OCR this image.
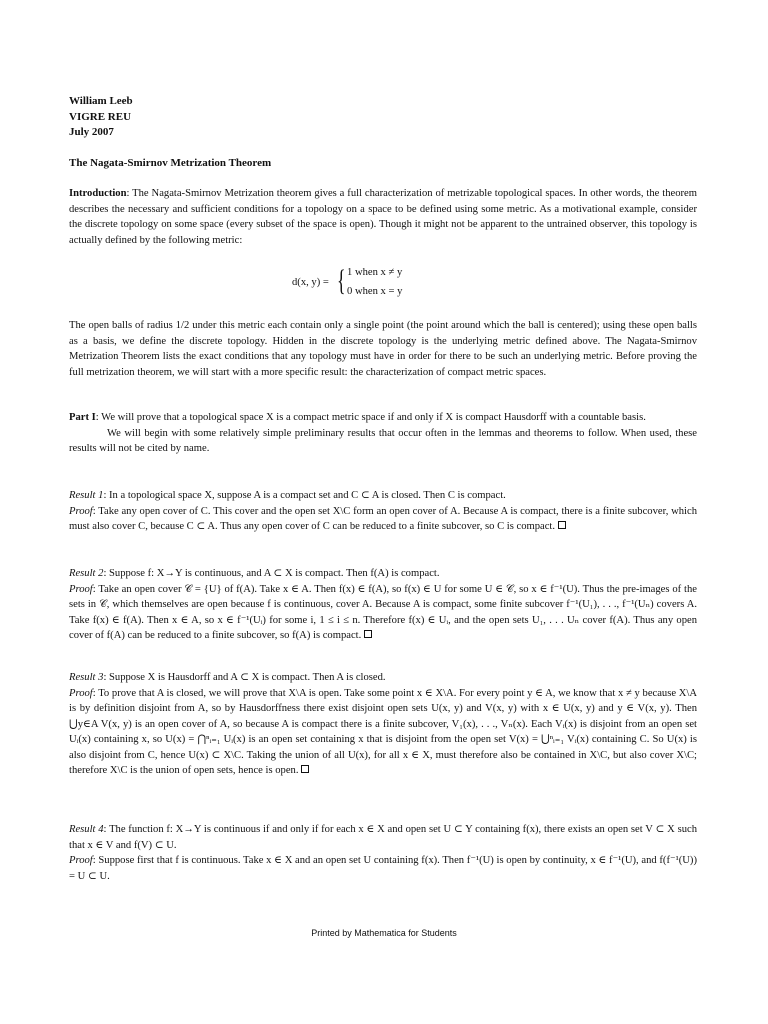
William Leeb
VIGRE REU
July 2007
The Nagata-Smirnov Metrization Theorem

Introduction: The Nagata-Smirnov Metrization theorem gives a full characterization of metrizable topological spaces. In other words, the theorem describes the necessary and sufficient conditions for a topology on a space to be defined using some metric. As a motivational example, consider the discrete topology on some space (every subset of the space is open). Though it might not be apparent to the untrained observer, this topology is actually defined by the following metric:

d(x, y) = { 1 when x ≠ y
0 when x = y

The open balls of radius 1/2 under this metric each contain only a single point (the point around which the ball is centered); using these open balls as a basis, we define the discrete topology. Hidden in the discrete topology is the underlying metric defined above. The Nagata-Smirnov Metrization Theorem lists the exact conditions that any topology must have in order for there to be such an underlying metric. Before proving the full metrization theorem, we will start with a more specific result: the characterization of compact metric spaces.

Part I: We will prove that a topological space X is a compact metric space if and only if X is compact Hausdorff with a countable basis.

We will begin with some relatively simple preliminary results that occur often in the lemmas and theorems to follow. When used, these results will not be cited by name.

Result 1: In a topological space X, suppose A is a compact set and C ⊂ A is closed. Then C is compact.

Proof: Take any open cover of C. This cover and the open set X\C form an open cover of A. Because A is compact, there is a finite subcover, which must also cover C, because C ⊂ A. Thus any open cover of C can be reduced to a finite subcover, so C is compact.

Result 2: Suppose f: X→Y is continuous, and A ⊂ X is compact. Then f(A) is compact.

Proof: Take an open cover 𝒞 = {U} of f(A). Take x ∈ A. Then f(x) ∈ f(A), so f(x) ∈ U for some U ∈ 𝒞, so x ∈ f⁻¹(U). Thus the pre-images of the sets in 𝒞, which themselves are open because f is continuous, cover A. Because A is compact, some finite subcover f⁻¹(U₁), . . ., f⁻¹(Uₙ) covers A. Take f(x) ∈ f(A). Then x ∈ A, so x ∈ f⁻¹(Uᵢ) for some i, 1 ≤ i ≤ n. Therefore f(x) ∈ Uᵢ, and the open sets U₁, . . . Uₙ cover f(A). Thus any open cover of f(A) can be reduced to a finite subcover, so f(A) is compact.

Result 3: Suppose X is Hausdorff and A ⊂ X is compact. Then A is closed.

Proof: To prove that A is closed, we will prove that X\A is open. Take some point x ∈ X\A. For every point y ∈ A, we know that x ≠ y because X\A is by definition disjoint from A, so by Hausdorffness there exist disjoint open sets U(x, y) and V(x, y) with x ∈ U(x, y) and y ∈ V(x, y). Then ⋃y∈A V(x, y) is an open cover of A, so because A is compact there is a finite subcover, V₁(x), . . ., Vₙ(x). Each Vᵢ(x) is disjoint from an open set Uᵢ(x) containing x, so U(x) = ⋂ⁿᵢ₌₁ Uᵢ(x) is an open set containing x that is disjoint from the open set V(x) = ⋃ⁿᵢ₌₁ Vᵢ(x) containing C. So U(x) is also disjoint from C, hence U(x) ⊂ X\C. Taking the union of all U(x), for all x ∈ X, must therefore also be contained in X\C, but also cover X\C; therefore X\C is the union of open sets, hence is open.

Result 4: The function f: X→Y is continuous if and only if for each x ∈ X and open set U ⊂ Y containing f(x), there exists an open set V ⊂ X such that x ∈ V and f(V) ⊂ U.

Proof: Suppose first that f is continuous. Take x ∈ X and an open set U containing f(x). Then f⁻¹(U) is open by continuity, x ∈ f⁻¹(U), and f(f⁻¹(U)) = U ⊂ U.

Printed by Mathematica for Students
